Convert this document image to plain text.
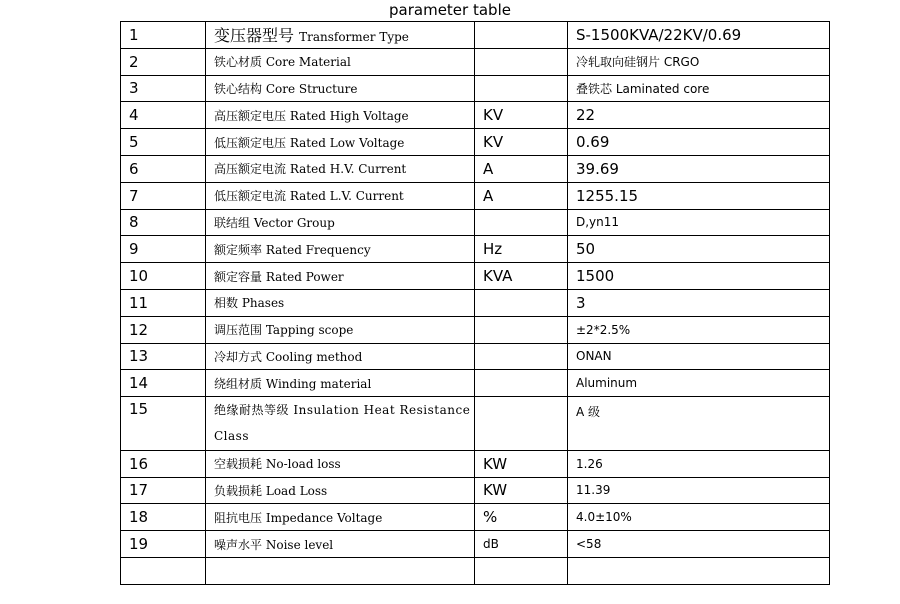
parameter table
1	变压器型号 Transformer Type		S-1500KVA/22KV/0.69
2	铁心材质 Core Material		冷轧取向硅钢片 CRGO
3	铁心结构 Core Structure		叠铁芯 Laminated core
4	高压额定电压 Rated High Voltage	KV	22
5	低压额定电压 Rated Low Voltage	KV	0.69
6	高压额定电流 Rated H.V. Current	A	39.69
7	低压额定电流 Rated L.V. Current	A	1255.15
8	联结组 Vector Group		D,yn11
9	额定频率 Rated Frequency	Hz	50
10	额定容量 Rated Power	KVA	1500
11	相数 Phases		3
12	调压范围 Tapping scope		±2*2.5%
13	冷却方式 Cooling method		ONAN
14	绕组材质 Winding material		Aluminum
15	绝缘耐热等级 Insulation Heat Resistance Class		A 级
16	空载损耗 No-load loss	KW	1.26
17	负载损耗 Load Loss	KW	11.39
18	阻抗电压 Impedance Voltage	%	4.0±10%
19	噪声水平 Noise level	dB	<58
